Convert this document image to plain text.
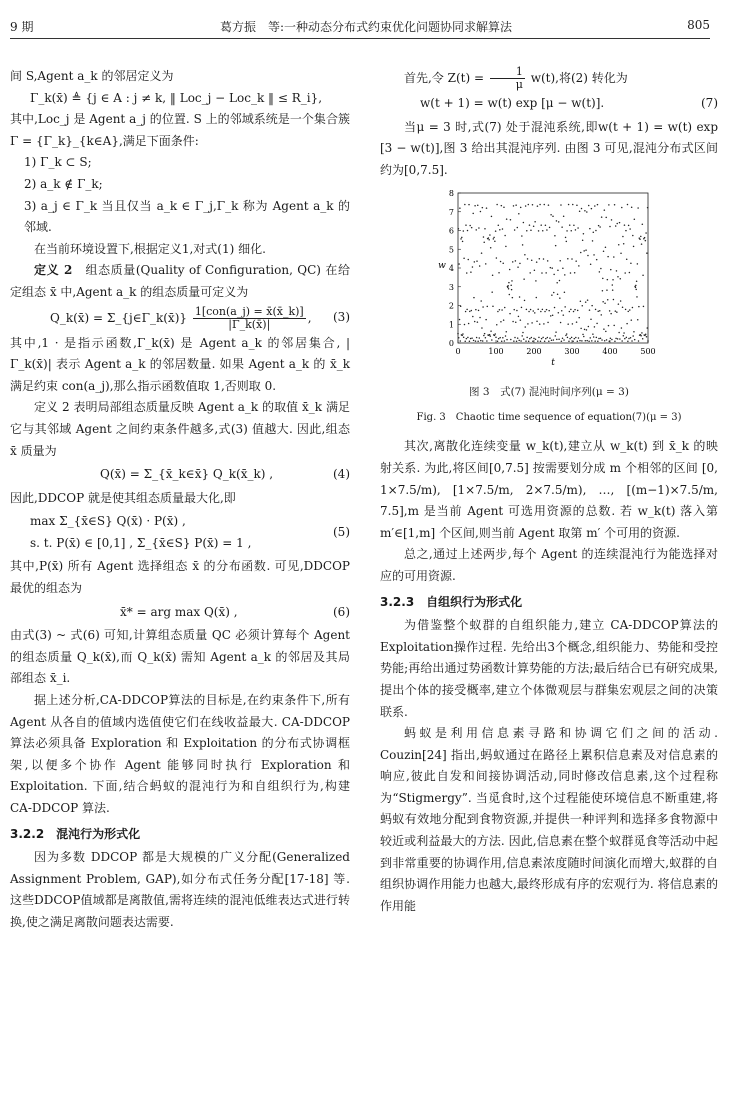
9 期	葛方振　等:一种动态分布式约束优化问题协同求解算法	805

间 S,Agent a_k 的邻居定义为

Γ_k(x̄) ≜ {j ∈ A : j ≠ k, ‖ Loc_j − Loc_k ‖ ≤ R_i},

其中,Loc_j 是 Agent a_j 的位置. S 上的邻域系统是一个集合簇 Γ = {Γ_k}_{k∈A},满足下面条件:

1) Γ_k ⊂ S;

2) a_k ∉ Γ_k;

3) a_j ∈ Γ_k 当且仅当 a_k ∈ Γ_j,Γ_k 称为 Agent a_k 的邻域.

在当前环境设置下,根据定义1,对式(1) 细化.

定义 2　 组态质量(Quality of Configuration, QC) 在给定组态 x̄ 中,Agent a_k 的组态质量可定义为

Q_k(x̄) = Σ_{j∈Γ_k(x̄)} $\frac{\text{1[con(a\_j) = x̄(x̄\_k)]}}{|\Gamma\_k(x̄)|}$ , (3)

其中,1 · 是指示函数,Γ_k(x̄) 是 Agent a_k 的邻居集合, |Γ_k(x̄)| 表示 Agent a_k 的邻居数量. 如果 Agent a_k 的 x̄_k 满足约束 con(a_j),那么指示函数值取 1,否则取 0.

定义 2 表明局部组态质量反映 Agent a_k 的取值 x̄_k 满足它与其邻域 Agent 之间约束条件越多,式(3) 值越大. 因此,组态 x̄ 质量为

Q(x̄) = Σ_{x̄_k∈x̄} Q_k(x̄_k) ,	(4)

因此,DDCOP 就是使其组态质量最大化,即

max Σ_{x̄∈S} Q(x̄) · P(x̄) ,
s. t. P(x̄) ∈ [0,1] , Σ_{x̄∈S} P(x̄) = 1 ,
(5)

其中,P(x̄) 所有 Agent 选择组态 x̄ 的分布函数. 可见,DDCOP 最优的组态为

x̄* = arg max Q(x̄) ,	(6)

由式(3) ~ 式(6) 可知,计算组态质量 QC 必须计算每个 Agent 的组态质量 Q_k(x̄),而 Q_k(x̄) 需知 Agent a_k 的邻居及其局部组态 x̄_i.

据上述分析,CA-DDCOP算法的目标是,在约束条件下,所有 Agent 从各自的值域内选值使它们在线收益最大. CA-DDCOP 算法必须具备 Exploration 和 Exploitation 的分布式协调框架,以便多个协作 Agent 能够同时执行 Exploration 和 Exploitation. 下面,结合蚂蚁的混沌行为和自组织行为,构建 CA-DDCOP 算法.

3.2.2　混沌行为形式化

因为多数 DDCOP 都是大规模的广义分配(Generalized Assignment Problem, GAP),如分布式任务分配[17-18] 等. 这些DDCOP值域都是离散值,需将连续的混沌低维表达式进行转换,使之满足离散问题表达需要.

首先,令 $Z(t) = \frac{1}{\mu} w(t)$,将(2) 转化为

w(t + 1) = w(t) exp [μ − w(t)].	(7)

当μ = 3 时,式(7) 处于混沌系统,即w(t + 1) = w(t) exp [3 − w(t)],图 3 给出其混沌序列. 由图 3 可见,混沌分布式区间约为[0,7.5].

0	100	200	300	400	500
0
1
2
3
4
5
6
7
8
t
w

图 3　式(7) 混沌时间序列(μ = 3)

Fig. 3　Chaotic time sequence of equation(7)(μ = 3)

其次,离散化连续变量 w_k(t),建立从 w_k(t) 到 x̄_k 的映射关系. 为此,将区间[0,7.5] 按需要划分成 m 个相邻的区间 [0, 1×7.5/m), [1×7.5/m, 2×7.5/m), …, [(m−1)×7.5/m, 7.5],m 是当前 Agent 可选用资源的总数. 若 w_k(t) 落入第 m′∈[1,m] 个区间,则当前 Agent 取第 m′ 个可用的资源.

总之,通过上述两步,每个 Agent 的连续混沌行为能选择对应的可用资源.

3.2.3　自组织行为形式化

为借鉴整个蚁群的自组织能力,建立 CA-DDCOP算法的Exploitation操作过程. 先给出3个概念,组织能力、势能和受控势能;再给出通过势函数计算势能的方法;最后结合已有研究成果,提出个体的接受概率,建立个体微观层与群集宏观层之间的决策联系.

蚂蚁是利用信息素寻路和协调它们之间的活动. Couzin[24] 指出,蚂蚁通过在路径上累积信息素及对信息素的响应,彼此自发和间接协调活动,同时修改信息素,这个过程称为“Stigmergy”. 当觅食时,这个过程能使环境信息不断重建,将蚂蚁有效地分配到食物资源,并提供一种评判和选择多食物源中较近或利益最大的方法. 因此,信息素在整个蚁群觅食等活动中起到非常重要的协调作用,信息素浓度随时间演化而增大,蚁群的自组织协调作用能力也越大,最终形成有序的宏观行为. 将信息素的作用能
